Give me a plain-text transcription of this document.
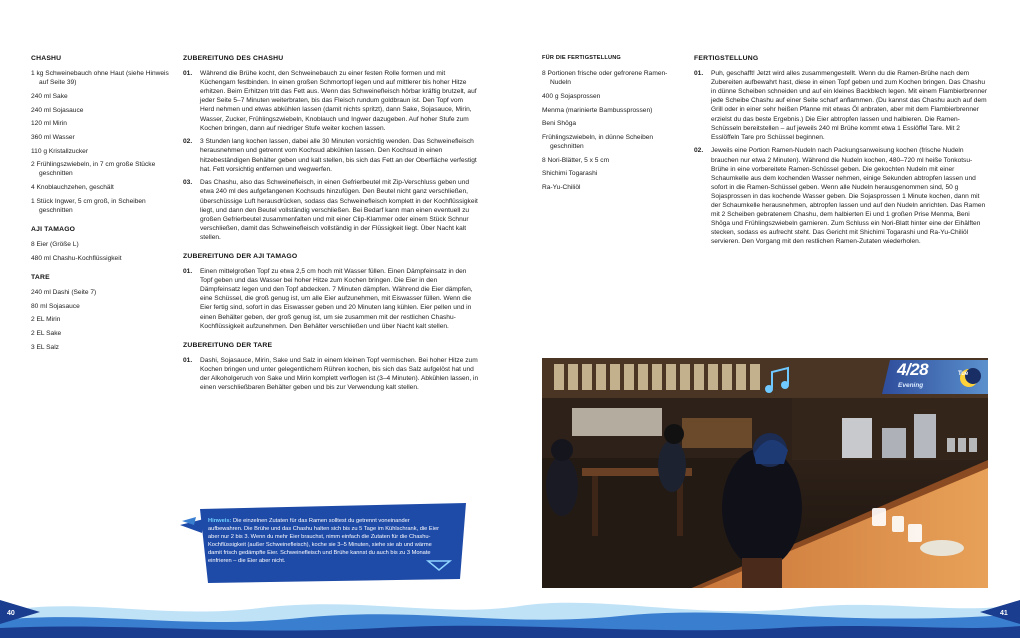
CHASHU
1 kg Schweinebauch ohne Haut (siehe Hinweis auf Seite 39)
240 ml Sake
240 ml Sojasauce
120 ml Mirin
360 ml Wasser
110 g Kristallzucker
2 Frühlingszwiebeln, in 7 cm große Stücke geschnitten
4 Knoblauchzehen, geschält
1 Stück Ingwer, 5 cm groß, in Scheiben geschnitten
AJI TAMAGO
8 Eier (Größe L)
480 ml Chashu-Kochflüssigkeit
TARE
240 ml Dashi (Seite 7)
80 ml Sojasauce
2 EL Mirin
2 EL Sake
3 EL Salz
ZUBEREITUNG DES CHASHU
01.	Während die Brühe kocht, den Schweinebauch zu einer festen Rolle formen und mit Küchengarn festbinden. In einen großen Schmortopf legen und auf mittlerer bis hoher Hitze erhitzen. Beim Erhitzen tritt das Fett aus. Wenn das Schweinefleisch hörbar kräftig brutzelt, auf jeder Seite 5–7 Minuten weiterbraten, bis das Fleisch rundum goldbraun ist. Den Topf vom Herd nehmen und etwas abkühlen lassen (damit nichts spritzt), dann Sake, Sojasauce, Mirin, Wasser, Zucker, Frühlingszwiebeln, Knoblauch und Ingwer dazugeben. Auf hoher Stufe zum Kochen bringen, dann auf niedriger Stufe weiter kochen lassen.
02.	3 Stunden lang kochen lassen, dabei alle 30 Minuten vorsichtig wenden. Das Schweinefleisch herausnehmen und getrennt vom Kochsud abkühlen lassen. Den Kochsud in einen hitzebeständigen Behälter geben und kalt stellen, bis sich das Fett an der Oberfläche verfestigt hat. Fett vorsichtig entfernen und wegwerfen.
03.	Das Chashu, also das Schweinefleisch, in einen Gefrierbeutel mit Zip-Verschluss geben und etwa 240 ml des aufgefangenen Kochsuds hinzufügen. Den Beutel nicht ganz verschließen, überschüssige Luft herausdrücken, sodass das Schweinefleisch komplett in der Kochflüssigkeit liegt, und dann den Beutel vollständig verschließen. Bei Bedarf kann man einen eventuell zu großen Gefrierbeutel zusammenfalten und mit einer Clip-Klammer oder einem Stück Schnur verschließen, damit das Schweinefleisch vollständig in der Flüssigkeit liegt. Über Nacht kalt stellen.
ZUBEREITUNG DER AJI TAMAGO
01.	Einen mittelgroßen Topf zu etwa 2,5 cm hoch mit Wasser füllen. Einen Dämpfeinsatz in den Topf geben und das Wasser bei hoher Hitze zum Kochen bringen. Die Eier in den Dämpfeinsatz legen und den Topf abdecken. 7 Minuten dämpfen. Während die Eier dämpfen, eine Schüssel, die groß genug ist, um alle Eier aufzunehmen, mit Eiswasser füllen. Wenn die Eier fertig sind, sofort in das Eiswasser geben und 20 Minuten lang kühlen. Eier pellen und in einen Behälter geben, der groß genug ist, um sie zusammen mit der restlichen Chashu-Kochflüssigkeit aufzunehmen. Den Behälter verschließen und über Nacht kalt stellen.
ZUBEREITUNG DER TARE
01.	Dashi, Sojasauce, Mirin, Sake und Salz in einem kleinen Topf vermischen. Bei hoher Hitze zum Kochen bringen und unter gelegentlichem Rühren kochen, bis sich das Salz aufgelöst hat und der Alkoholgeruch von Sake und Mirin komplett verflogen ist (3–4 Minuten). Abkühlen lassen, in einen verschließbaren Behälter geben und bis zur Verwendung kalt stellen.
Hinweis: Die einzelnen Zutaten für das Ramen solltest du getrennt voneinander aufbewahren. Die Brühe und das Chashu halten sich bis zu 5 Tage im Kühlschrank, die Eier aber nur 2 bis 3. Wenn du mehr Eier brauchst, nimm einfach die Zutaten für die Chashu-Kochflüssigkeit (außer Schweinefleisch), koche sie 3–5 Minuten, siehe sie ab und wärme damit frisch gedämpfte Eier. Schweinefleisch und Brühe kannst du auch bis zu 3 Monate einfrieren – die Eier aber nicht.
FÜR DIE FERTIGSTELLUNG
8 Portionen frische oder gefrorene Ramen-Nudeln
400 g Sojasprossen
Menma (marinierte Bambussprossen)
Beni Shōga
Frühlingszwiebeln, in dünne Scheiben geschnitten
8 Nori-Blätter, 5 x 5 cm
Shichimi Togarashi
Ra-Yu-Chiliöl
FERTIGSTELLUNG
01.	Puh, geschafft! Jetzt wird alles zusammengestellt. Wenn du die Ramen-Brühe nach dem Zubereiten aufbewahrt hast, diese in einen Topf geben und zum Kochen bringen. Das Chashu in dünne Scheiben schneiden und auf ein kleines Backblech legen. Mit einem Flambierbrenner jede Scheibe Chashu auf einer Seite scharf anflammen. (Du kannst das Chashu auch auf dem Grill oder in einer sehr heißen Pfanne mit etwas Öl anbraten, aber mit dem Flambierbrenner erzielst du das beste Ergebnis.) Die Eier abtropfen lassen und halbieren. Die Ramen-Schüsseln bereitstellen – auf jeweils 240 ml Brühe kommt etwa 1 Esslöffel Tare. Mit 2 Esslöffeln Tare pro Schüssel beginnen.
02.	Jeweils eine Portion Ramen-Nudeln nach Packungsanweisung kochen (frische Nudeln brauchen nur etwa 2 Minuten). Während die Nudeln kochen, 480–720 ml heiße Tonkotsu-Brühe in eine vorbereitete Ramen-Schüssel geben. Die gekochten Nudeln mit einer Schaumkelle aus dem kochenden Wasser nehmen, einige Sekunden abtropfen lassen und sofort in die Ramen-Schüssel geben. Wenn alle Nudeln herausgenommen sind, 50 g Sojasprossen in das kochende Wasser geben. Die Sojasprossen 1 Minute kochen, dann mit der Schaumkelle herausnehmen, abtropfen lassen und auf den Nudeln anrichten. Das Ramen mit 2 Scheiben gebratenem Chashu, dem halbierten Ei und 1 großen Prise Menma, Beni Shōga und Frühlingszwiebeln garnieren. Zum Schluss ein Nori-Blatt hinter eine der Eihälften stecken, sodass es aufrecht steht. Das Gericht mit Shichimi Togarashi und Ra-Yu-Chiliöl servieren. Den Vorgang mit den restlichen Ramen-Zutaten wiederholen.
4/28	Tue
Evening
40	41
